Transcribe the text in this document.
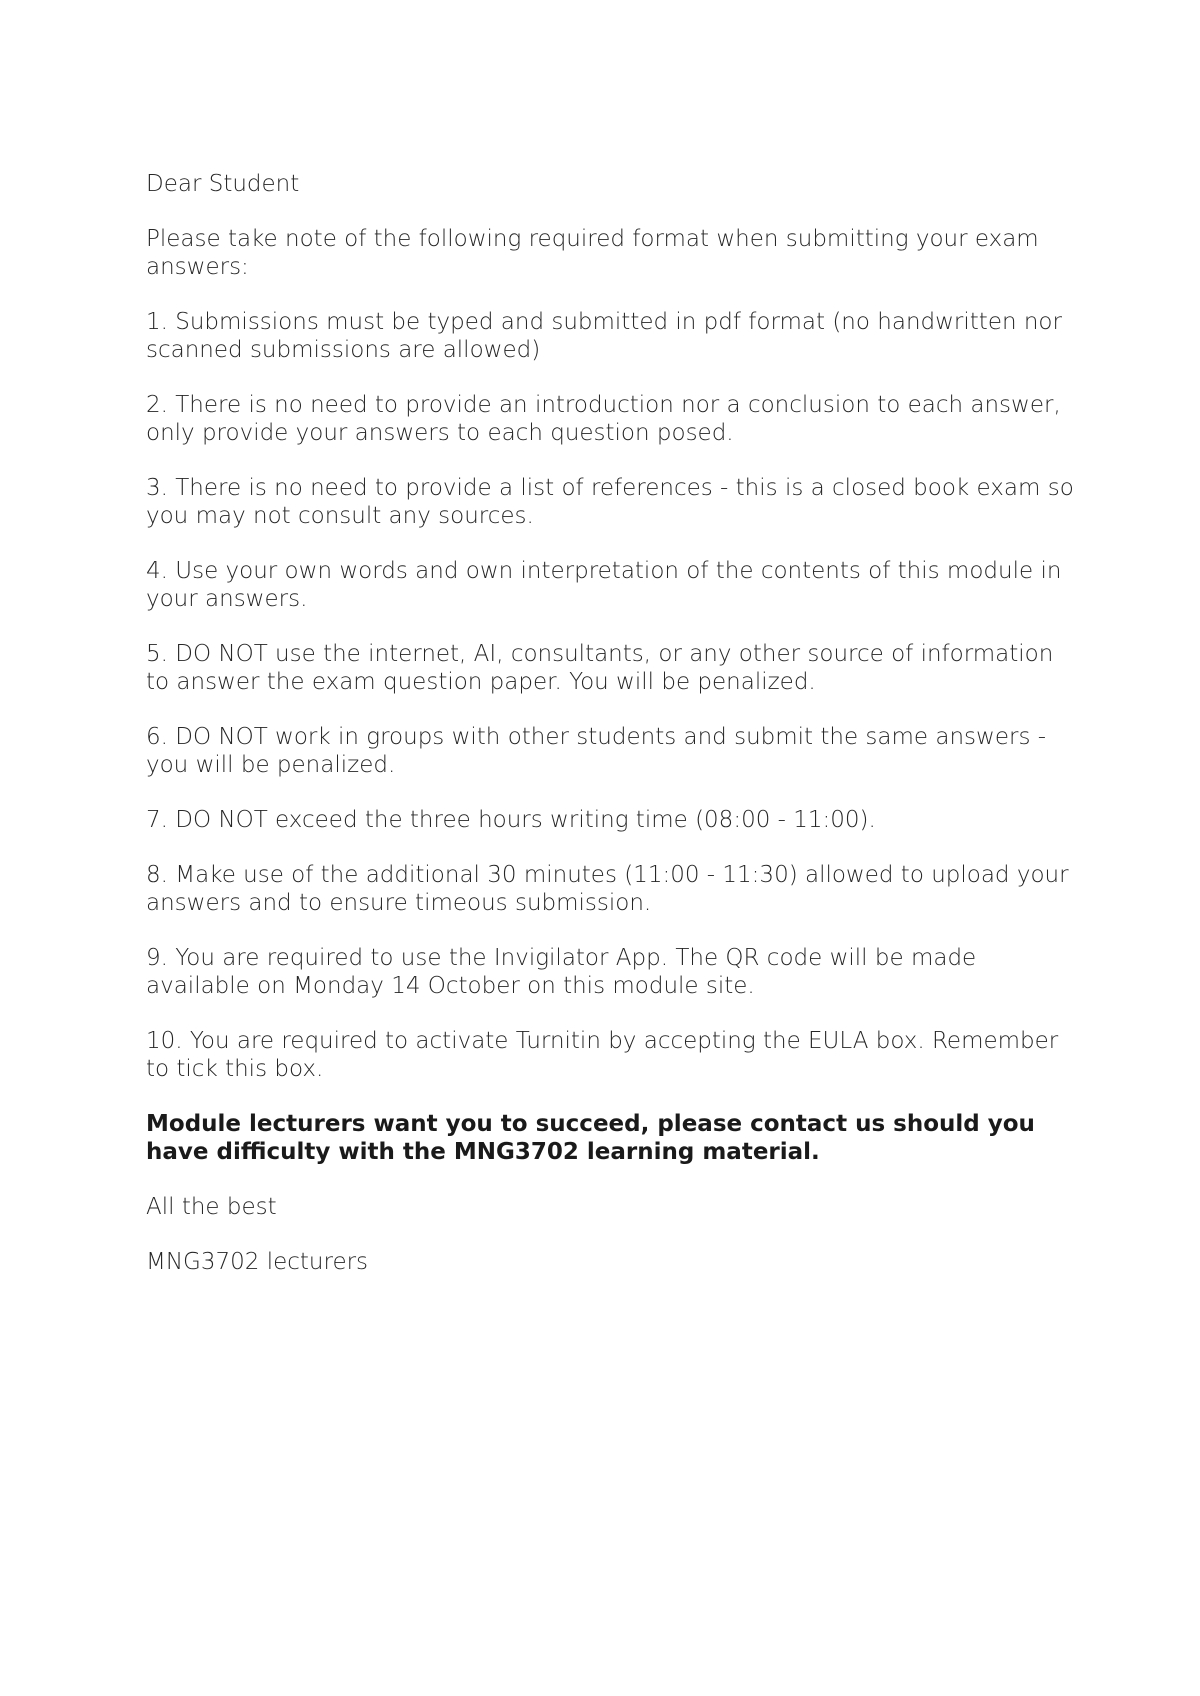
Dear Student

Please take note of the following required format when submitting your exam answers:

1. Submissions must be typed and submitted in pdf format (no handwritten nor scanned submissions are allowed)

2. There is no need to provide an introduction nor a conclusion to each answer, only provide your answers to each question posed.

3. There is no need to provide a list of references - this is a closed book exam so you may not consult any sources.

4. Use your own words and own interpretation of the contents of this module in your answers.

5. DO NOT use the internet, AI, consultants, or any other source of information to answer the exam question paper. You will be penalized.

6. DO NOT work in groups with other students and submit the same answers - you will be penalized.

7. DO NOT exceed the three hours writing time (08:00 - 11:00).

8. Make use of the additional 30 minutes (11:00 - 11:30) allowed to upload your answers and to ensure timeous submission.

9. You are required to use the Invigilator App. The QR code will be made available on Monday 14 October on this module site.

10. You are required to activate Turnitin by accepting the EULA box. Remember to tick this box.

Module lecturers want you to succeed, please contact us should you have difficulty with the MNG3702 learning material.

All the best

MNG3702 lecturers
